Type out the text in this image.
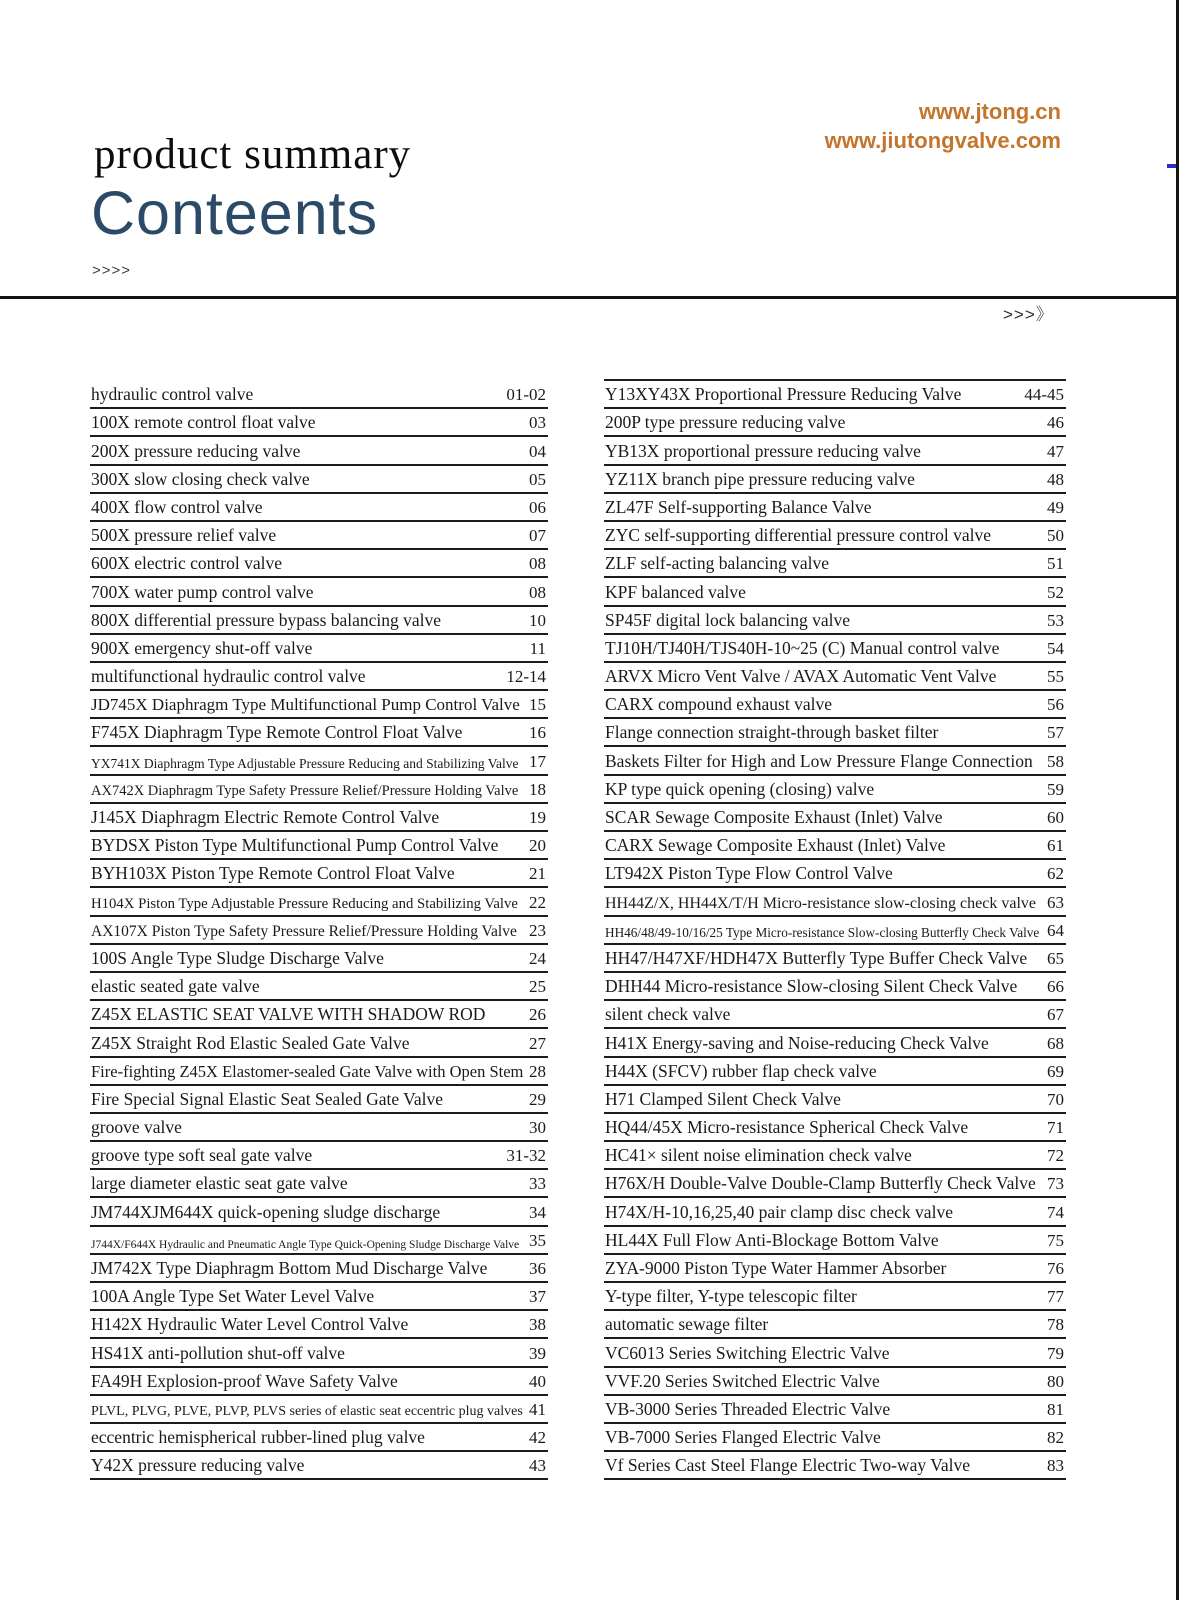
www.jtong.cn
www.jiutongvalve.com
product summary
Conteents
>>>>
>>>》
hydraulic control valve	01-02
100X remote control float valve	03
200X pressure reducing valve	04
300X slow closing check valve	05
400X flow control valve	06
500X pressure relief valve	07
600X electric control valve	08
700X water pump control valve	08
800X differential pressure bypass balancing valve	10
900X emergency shut-off valve	11
multifunctional hydraulic control valve	12-14
JD745X Diaphragm Type Multifunctional Pump Control Valve 15
F745X Diaphragm Type Remote Control Float Valve	16
YX741X Diaphragm Type Adjustable Pressure Reducing and Stabilizing Valve 17
AX742X Diaphragm Type Safety Pressure Relief/Pressure Holding Valve 18
J145X Diaphragm Electric Remote Control Valve	19
BYDSX Piston Type Multifunctional Pump Control Valve	20
BYH103X Piston Type Remote Control Float Valve	21
H104X Piston Type Adjustable Pressure Reducing and Stabilizing Valve 22
AX107X Piston Type Safety Pressure Relief/Pressure Holding Valve 23
100S Angle Type Sludge Discharge Valve	24
elastic seated gate valve	25
Z45X ELASTIC SEAT VALVE WITH SHADOW ROD	26
Z45X Straight Rod Elastic Sealed Gate Valve	27
Fire-fighting Z45X Elastomer-sealed Gate Valve with Open Stem 28
Fire Special Signal Elastic Seat Sealed Gate Valve	29
groove valve	30
groove type soft seal gate valve	31-32
large diameter elastic seat gate valve	33
JM744XJM644X quick-opening sludge discharge	34
J744X/F644X Hydraulic and Pneumatic Angle Type Quick-Opening Sludge Discharge Valve 35
JM742X Type Diaphragm Bottom Mud Discharge Valve	36
100A Angle Type Set Water Level Valve	37
H142X Hydraulic Water Level Control Valve	38
HS41X anti-pollution shut-off valve	39
FA49H Explosion-proof Wave Safety Valve	40
PLVL, PLVG, PLVE, PLVP, PLVS series of elastic seat eccentric plug valves 41
eccentric hemispherical rubber-lined plug valve	42
Y42X pressure reducing valve	43
Y13XY43X Proportional Pressure Reducing Valve	44-45
200P type pressure reducing valve	46
YB13X proportional pressure reducing valve	47
YZ11X branch pipe pressure reducing valve	48
ZL47F Self-supporting Balance Valve	49
ZYC self-supporting differential pressure control valve	50
ZLF self-acting balancing valve	51
KPF balanced valve	52
SP45F digital lock balancing valve	53
TJ10H/TJ40H/TJS40H-10~25 (C) Manual control valve	54
ARVX Micro Vent Valve / AVAX Automatic Vent Valve	55
CARX compound exhaust valve	56
Flange connection straight-through basket filter	57
Baskets Filter for High and Low Pressure Flange Connection 58
KP type quick opening (closing) valve	59
SCAR Sewage Composite Exhaust (Inlet) Valve	60
CARX Sewage Composite Exhaust (Inlet) Valve	61
LT942X Piston Type Flow Control Valve	62
HH44Z/X, HH44X/T/H Micro-resistance slow-closing check valve 63
HH46/48/49-10/16/25 Type Micro-resistance Slow-closing Butterfly Check Valve 64
HH47/H47XF/HDH47X Butterfly Type Buffer Check Valve	65
DHH44 Micro-resistance Slow-closing Silent Check Valve	66
silent check valve	67
H41X Energy-saving and Noise-reducing Check Valve	68
H44X (SFCV) rubber flap check valve	69
H71 Clamped Silent Check Valve	70
HQ44/45X Micro-resistance Spherical Check Valve	71
HC41× silent noise elimination check valve	72
H76X/H Double-Valve Double-Clamp Butterfly Check Valve 73
H74X/H-10,16,25,40 pair clamp disc check valve	74
HL44X Full Flow Anti-Blockage Bottom Valve	75
ZYA-9000 Piston Type Water Hammer Absorber	76
Y-type filter, Y-type telescopic filter	77
automatic sewage filter	78
VC6013 Series Switching Electric Valve	79
VVF.20 Series Switched Electric Valve	80
VB-3000 Series Threaded Electric Valve	81
VB-7000 Series Flanged Electric Valve	82
Vf Series Cast Steel Flange Electric Two-way Valve	83
